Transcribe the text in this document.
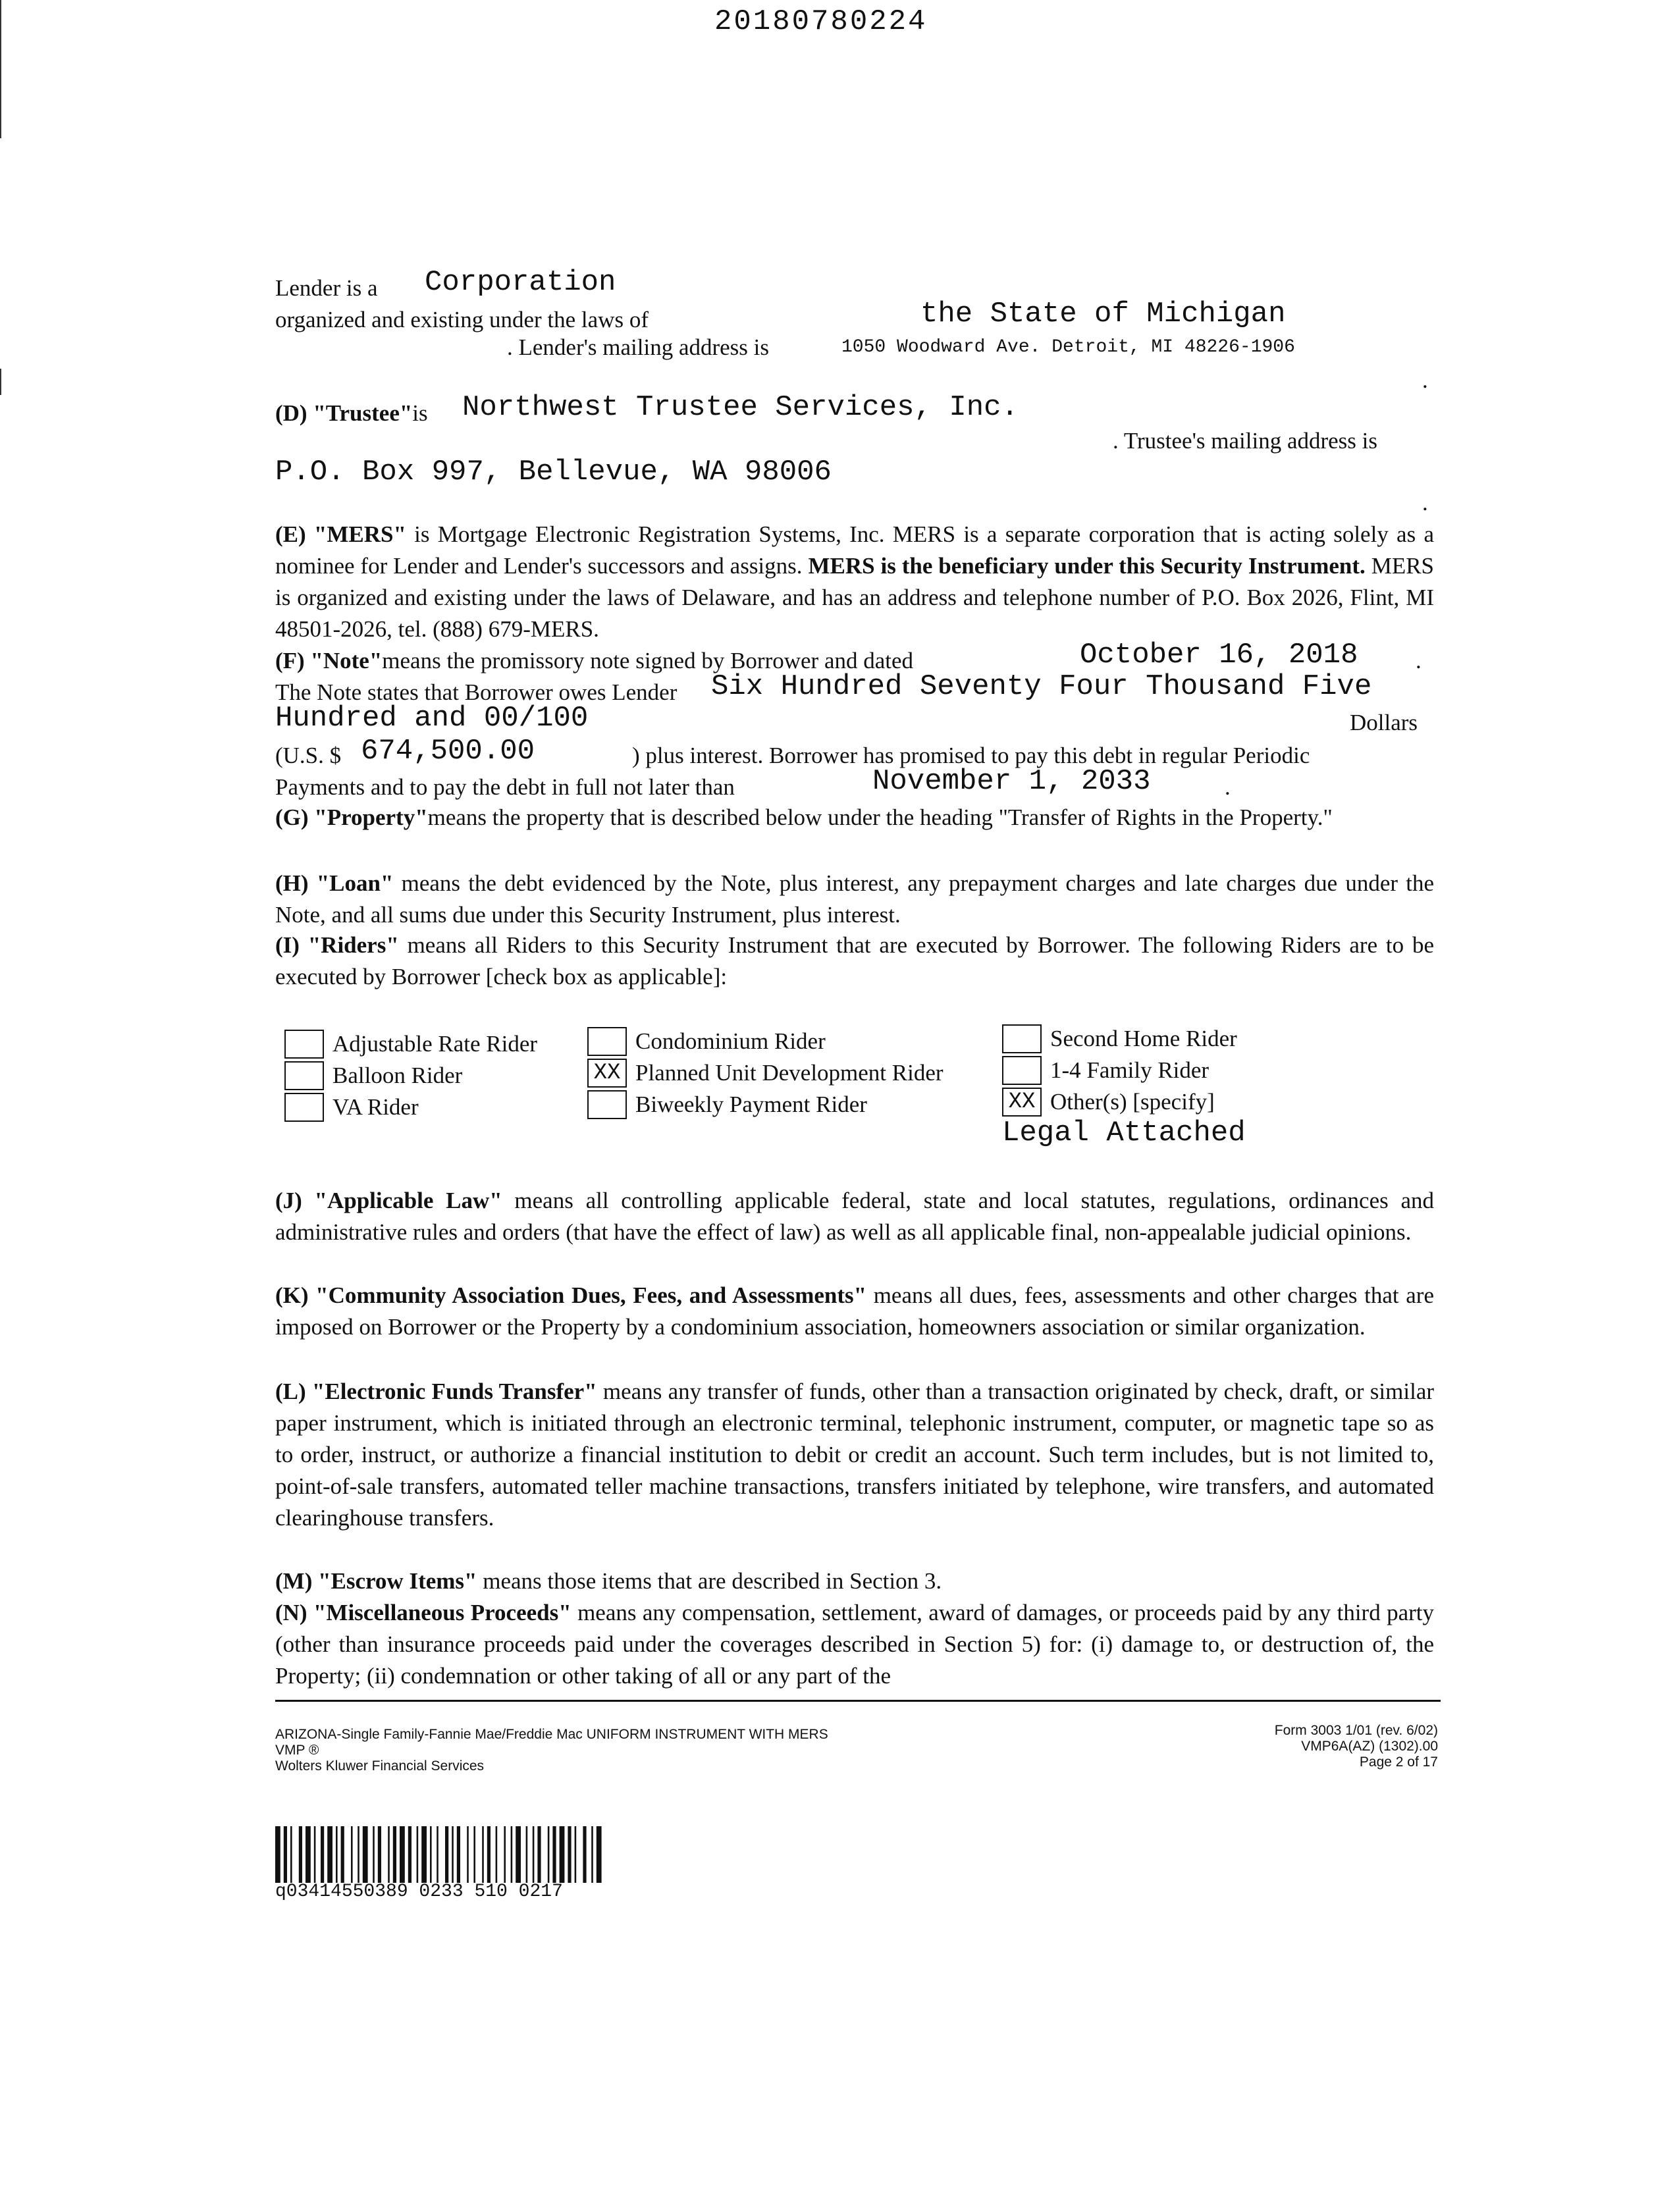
20180780224
Lender is a Corporation
organized and existing under the laws of	the State of Michigan
. Lender's mailing address is	1050 Woodward Ave. Detroit, MI 48226-1906
.
(D) "Trustee"is Northwest Trustee Services, Inc.
. Trustee's mailing address is
P.O. Box 997, Bellevue, WA 98006
.

(E) "MERS" is Mortgage Electronic Registration Systems, Inc. MERS is a separate corporation that is acting solely as a nominee for Lender and Lender's successors and assigns. MERS is the beneficiary under this Security Instrument. MERS is organized and existing under the laws of Delaware, and has an address and telephone number of P.O. Box 2026, Flint, MI 48501-2026, tel. (888) 679-MERS.

(F) "Note"means the promissory note signed by Borrower and dated	October 16, 2018	.
The Note states that Borrower owes Lender Six Hundred Seventy Four Thousand Five
Hundred and 00/100	Dollars
(U.S. $ 674,500.00	) plus interest. Borrower has promised to pay this debt in regular Periodic
Payments and to pay the debt in full not later than	November 1, 2033	.

(G) "Property"means the property that is described below under the heading "Transfer of Rights in the Property."

(H) "Loan" means the debt evidenced by the Note, plus interest, any prepayment charges and late charges due under the Note, and all sums due under this Security Instrument, plus interest.

(I) "Riders" means all Riders to this Security Instrument that are executed by Borrower. The following Riders are to be executed by Borrower [check box as applicable]:

Adjustable Rate Rider
Balloon Rider
VA Rider
Condominium Rider
XX Planned Unit Development Rider
Biweekly Payment Rider
Second Home Rider
1-4 Family Rider
XX Other(s) [specify]
Legal Attached

(J) "Applicable Law" means all controlling applicable federal, state and local statutes, regulations, ordinances and administrative rules and orders (that have the effect of law) as well as all applicable final, non-appealable judicial opinions.

(K) "Community Association Dues, Fees, and Assessments" means all dues, fees, assessments and other charges that are imposed on Borrower or the Property by a condominium association, homeowners association or similar organization.

(L) "Electronic Funds Transfer" means any transfer of funds, other than a transaction originated by check, draft, or similar paper instrument, which is initiated through an electronic terminal, telephonic instrument, computer, or magnetic tape so as to order, instruct, or authorize a financial institution to debit or credit an account. Such term includes, but is not limited to, point-of-sale transfers, automated teller machine transactions, transfers initiated by telephone, wire transfers, and automated clearinghouse transfers.

(M) "Escrow Items" means those items that are described in Section 3.

(N) "Miscellaneous Proceeds" means any compensation, settlement, award of damages, or proceeds paid by any third party (other than insurance proceeds paid under the coverages described in Section 5) for: (i) damage to, or destruction of, the Property; (ii) condemnation or other taking of all or any part of the

ARIZONA-Single Family-Fannie Mae/Freddie Mac UNIFORM INSTRUMENT WITH MERS
VMP ®
Wolters Kluwer Financial Services
Form 3003 1/01 (rev. 6/02)
VMP6A(AZ) (1302).00
Page 2 of 17
q03414550389 0233 510 0217
